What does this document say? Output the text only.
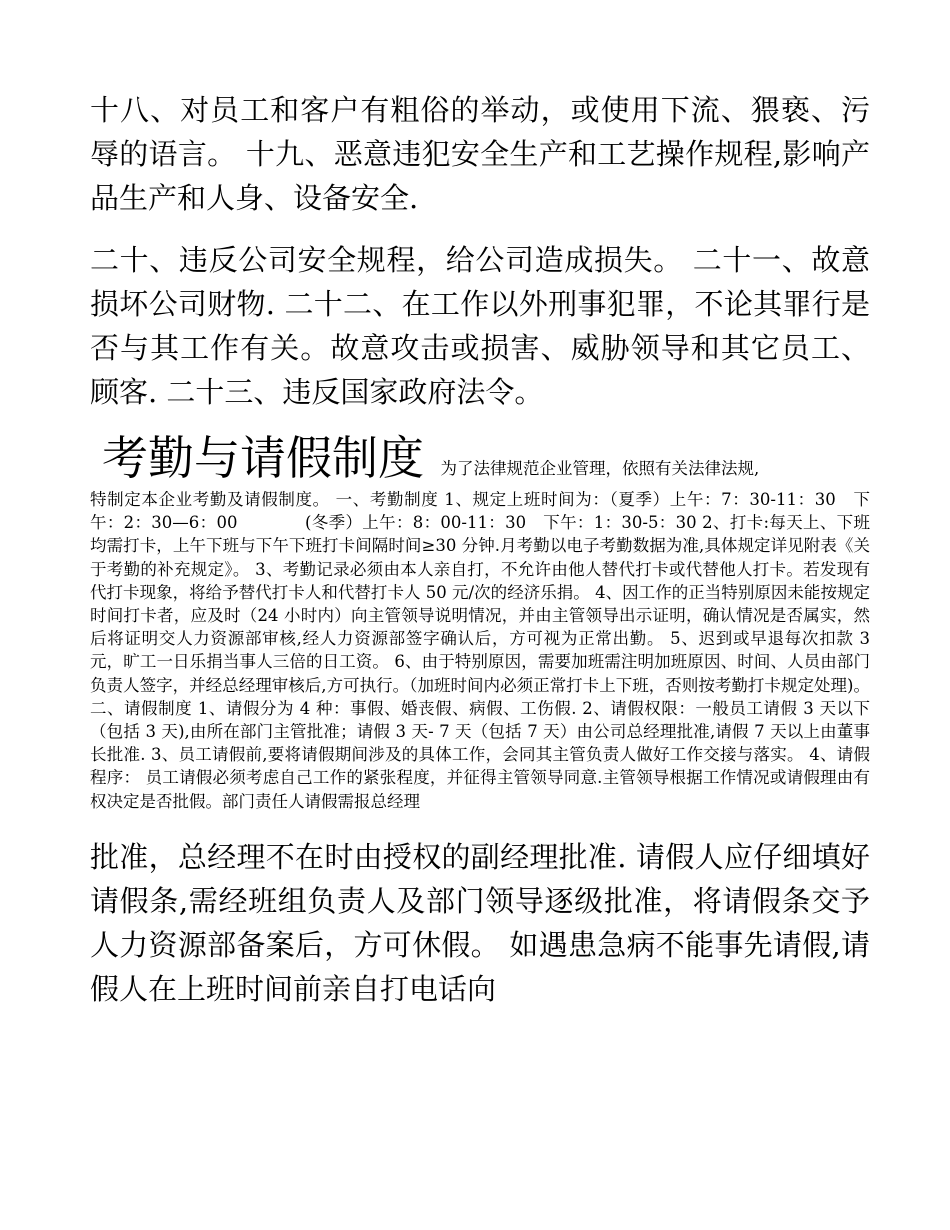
十八、对员工和客户有粗俗的举动，或使用下流、猥亵、污辱的语言。 十九、恶意违犯安全生产和工艺操作规程,影响产品生产和人身、设备安全.

二十、违反公司安全规程，给公司造成损失。 二十一、故意损坏公司财物. 二十二、在工作以外刑事犯罪，不论其罪行是否与其工作有关。故意攻击或损害、威胁领导和其它员工、顾客. 二十三、违反国家政府法令。

考勤与请假制度　 为了法律规范企业管理，依照有关法律法规,
特制定本企业考勤及请假制度。 一、考勤制度 1、规定上班时间为：（夏季）上午：7：30-11：30　下午：2：30—6：00　　　　(冬季）上午：8：00-11：30　下午：1：30-5：30 2、打卡:每天上、下班均需打卡，上午下班与下午下班打卡间隔时间≥30 分钟.月考勤以电子考勤数据为准,具体规定详见附表《关于考勤的补充规定》。 3、考勤记录必须由本人亲自打，不允许由他人替代打卡或代替他人打卡。若发现有代打卡现象，将给予替代打卡人和代替打卡人 50 元/次的经济乐捐。 4、因工作的正当特别原因未能按规定时间打卡者，应及时（24 小时内）向主管领导说明情况，并由主管领导出示证明，确认情况是否属实，然后将证明交人力资源部审核,经人力资源部签字确认后，方可视为正常出勤。 5、迟到或早退每次扣款 3 元，旷工一日乐捐当事人三倍的日工资。 6、由于特别原因，需要加班需注明加班原因、时间、人员由部门负责人签字，并经总经理审核后,方可执行。（加班时间内必须正常打卡上下班，否则按考勤打卡规定处理)。 二、请假制度 1、请假分为 4 种：事假、婚丧假、病假、工伤假. 2、请假权限：一般员工请假 3 天以下（包括 3 天),由所在部门主管批准；请假 3 天- 7 天（包括 7 天）由公司总经理批准,请假 7 天以上由董事长批准. 3、员工请假前,要将请假期间涉及的具体工作，会同其主管负责人做好工作交接与落实。 4、请假程序： 员工请假必须考虑自己工作的紧张程度，并征得主管领导同意.主管领导根据工作情况或请假理由有权决定是否批假。部门责任人请假需报总经理

批准，总经理不在时由授权的副经理批准. 请假人应仔细填好请假条,需经班组负责人及部门领导逐级批准，将请假条交予人力资源部备案后，方可休假。 如遇患急病不能事先请假,请假人在上班时间前亲自打电话向
